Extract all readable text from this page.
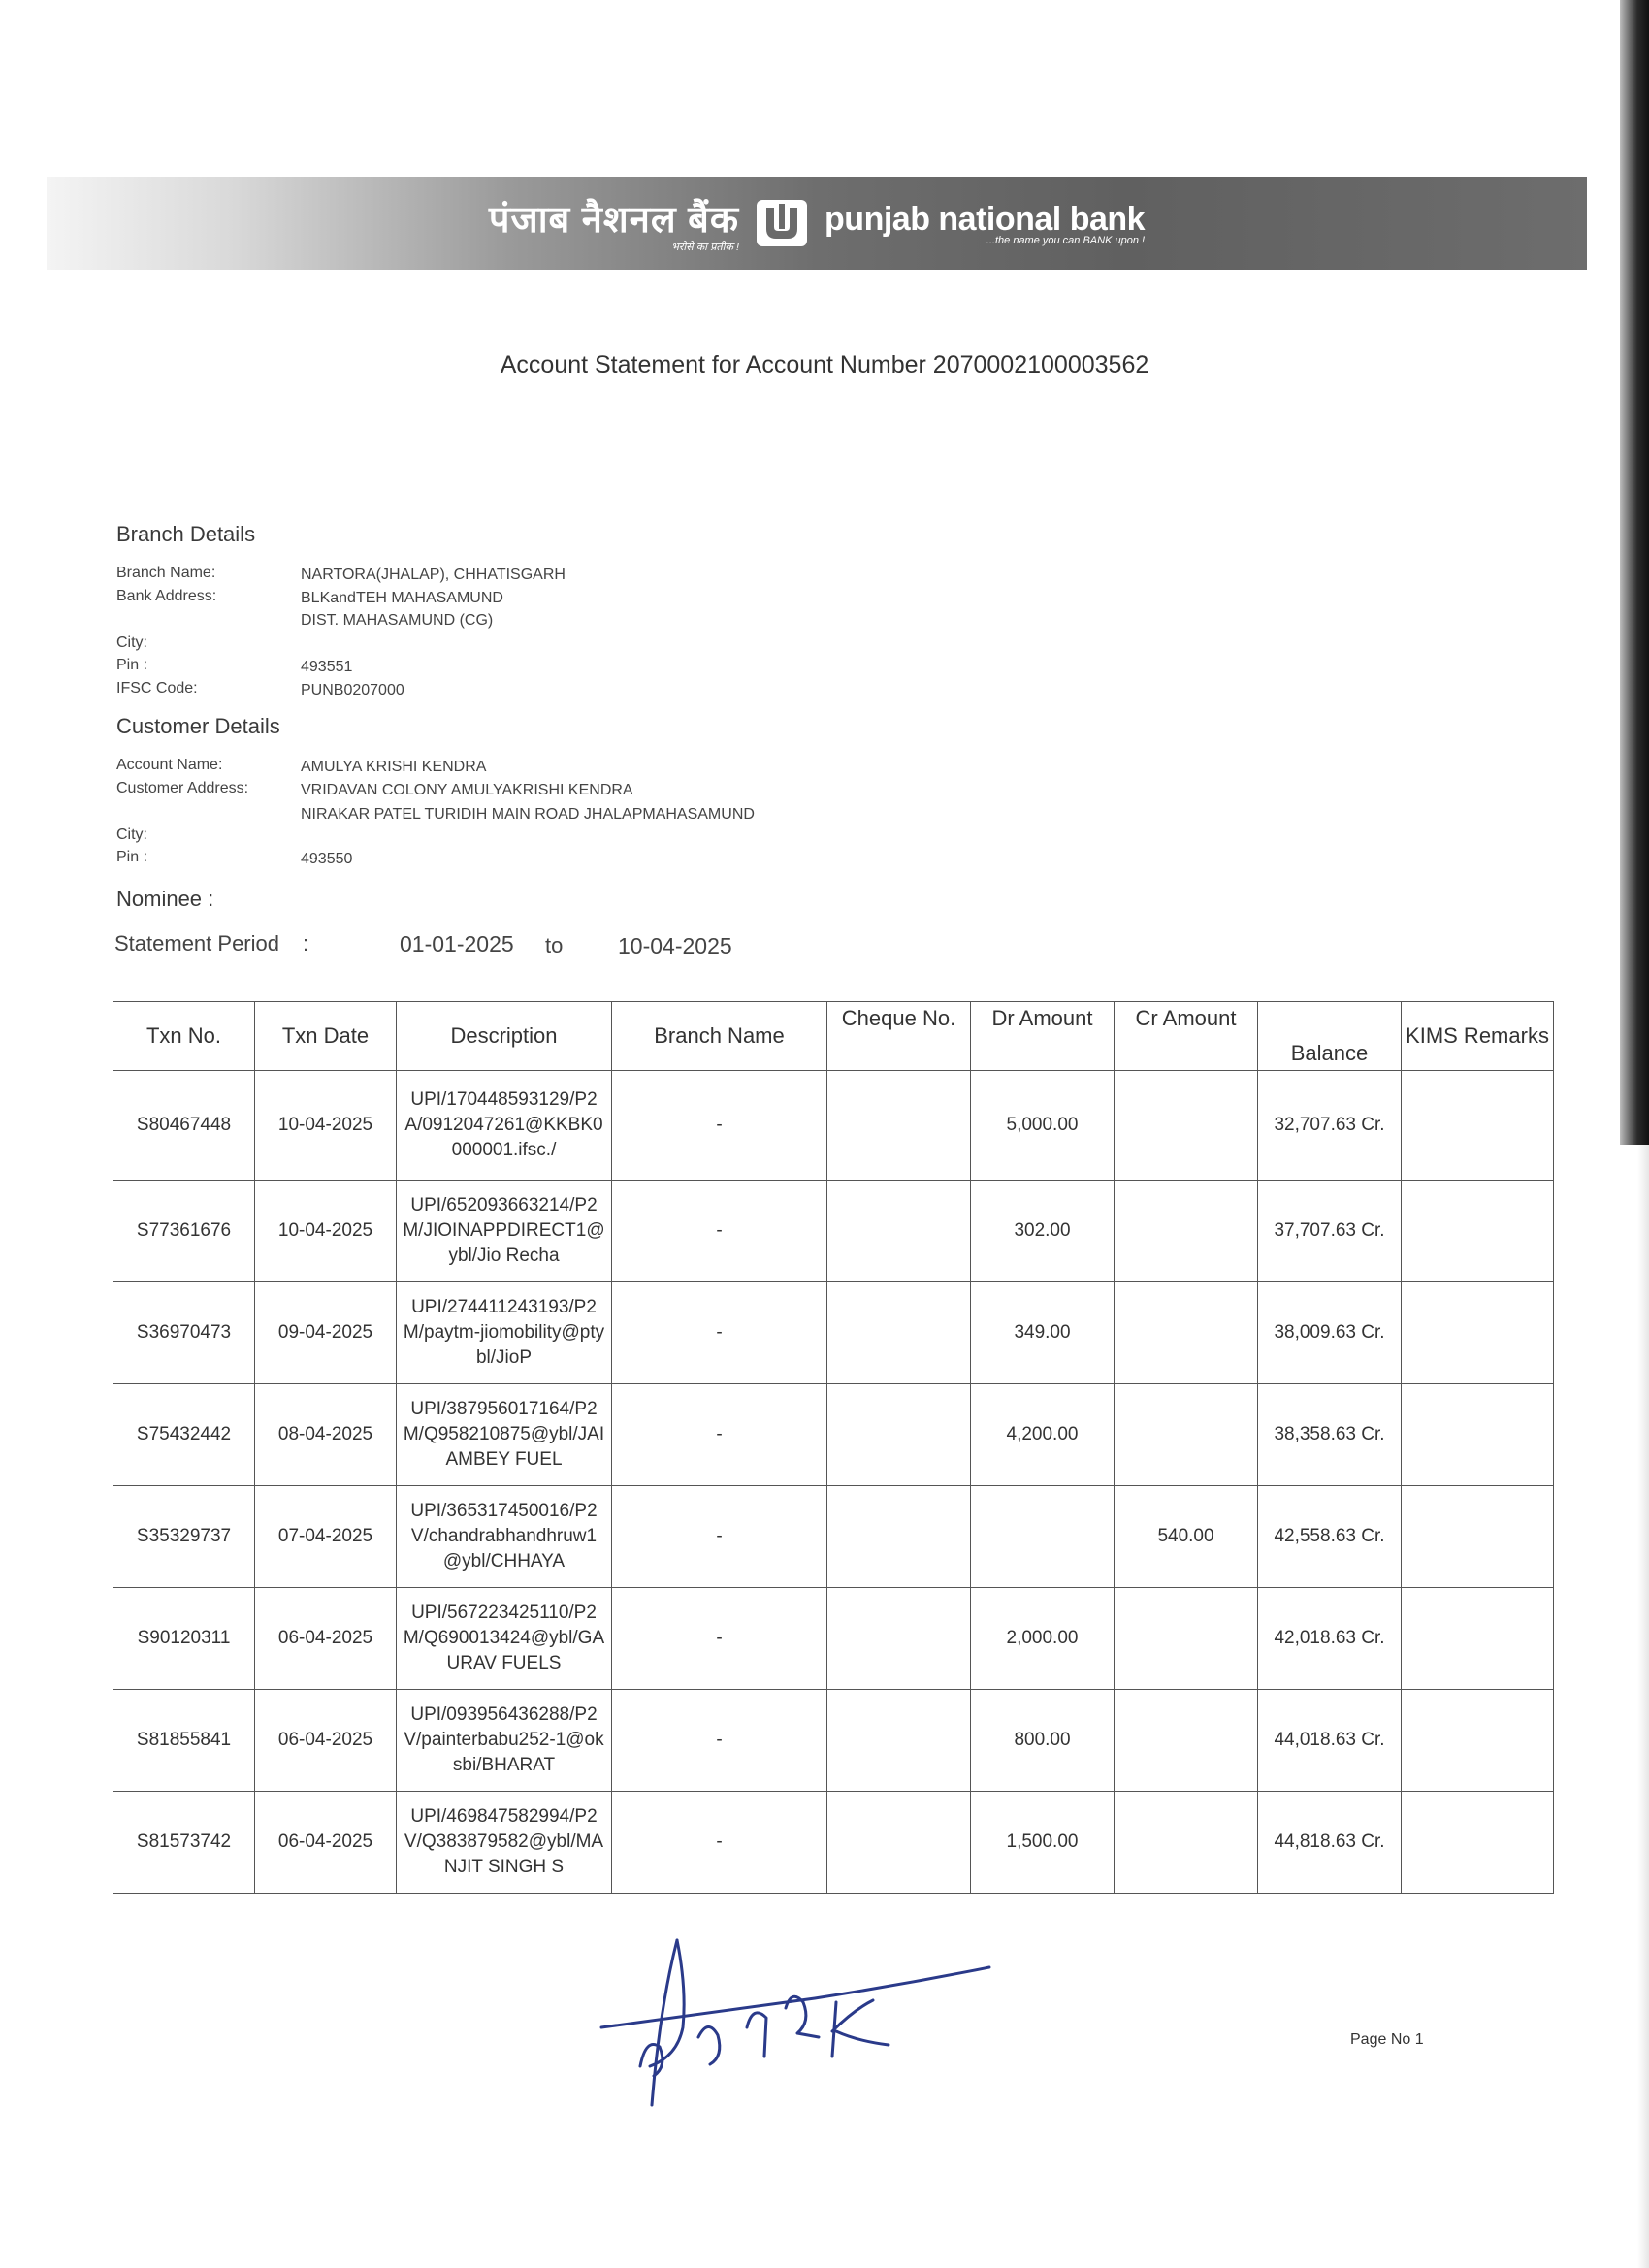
पंजाब नैशनल बैंक
भरोसे का प्रतीक !
punjab national bank
...the name you can BANK upon !
Account Statement for Account Number 2070002100003562
Branch Details
Branch Name:	NARTORA(JHALAP), CHHATISGARH
Bank Address:	BLKandTEH MAHASAMUND
DIST. MAHASAMUND (CG)
City:
Pin :	493551
IFSC Code:	PUNB0207000
Customer Details
Account Name:	AMULYA KRISHI KENDRA
Customer Address:	VRIDAVAN COLONY AMULYAKRISHI KENDRA
NIRAKAR PATEL TURIDIH MAIN ROAD JHALAPMAHASAMUND
City:
Pin :	493550
Nominee :
Statement Period :	01-01-2025 to 10-04-2025
Txn No.	Txn Date	Description	Branch Name	Cheque No.	Dr Amount	Cr Amount	Balance	KIMS Remarks
S80467448	10-04-2025	UPI/170448593129/P2A/0912047261@KKBK0000001.ifsc./	-		5,000.00		32,707.63 Cr.	
S77361676	10-04-2025	UPI/652093663214/P2M/JIOINAPPDIRECT1@ybl/Jio Recha	-		302.00		37,707.63 Cr.	
S36970473	09-04-2025	UPI/274411243193/P2M/paytm-jiomobility@ptybl/JioP	-		349.00		38,009.63 Cr.	
S75432442	08-04-2025	UPI/387956017164/P2M/Q958210875@ybl/JAI AMBEY FUEL	-		4,200.00		38,358.63 Cr.	
S35329737	07-04-2025	UPI/365317450016/P2V/chandrabhandhruw1@ybl/CHHAYA	-			540.00	42,558.63 Cr.	
S90120311	06-04-2025	UPI/567223425110/P2M/Q690013424@ybl/GAURAV FUELS	-		2,000.00		42,018.63 Cr.	
S81855841	06-04-2025	UPI/093956436288/P2V/painterbabu252-1@oksbi/BHARAT	-		800.00		44,018.63 Cr.	
S81573742	06-04-2025	UPI/469847582994/P2V/Q383879582@ybl/MANJIT SINGH S	-		1,500.00		44,818.63 Cr.	
Page No 1
